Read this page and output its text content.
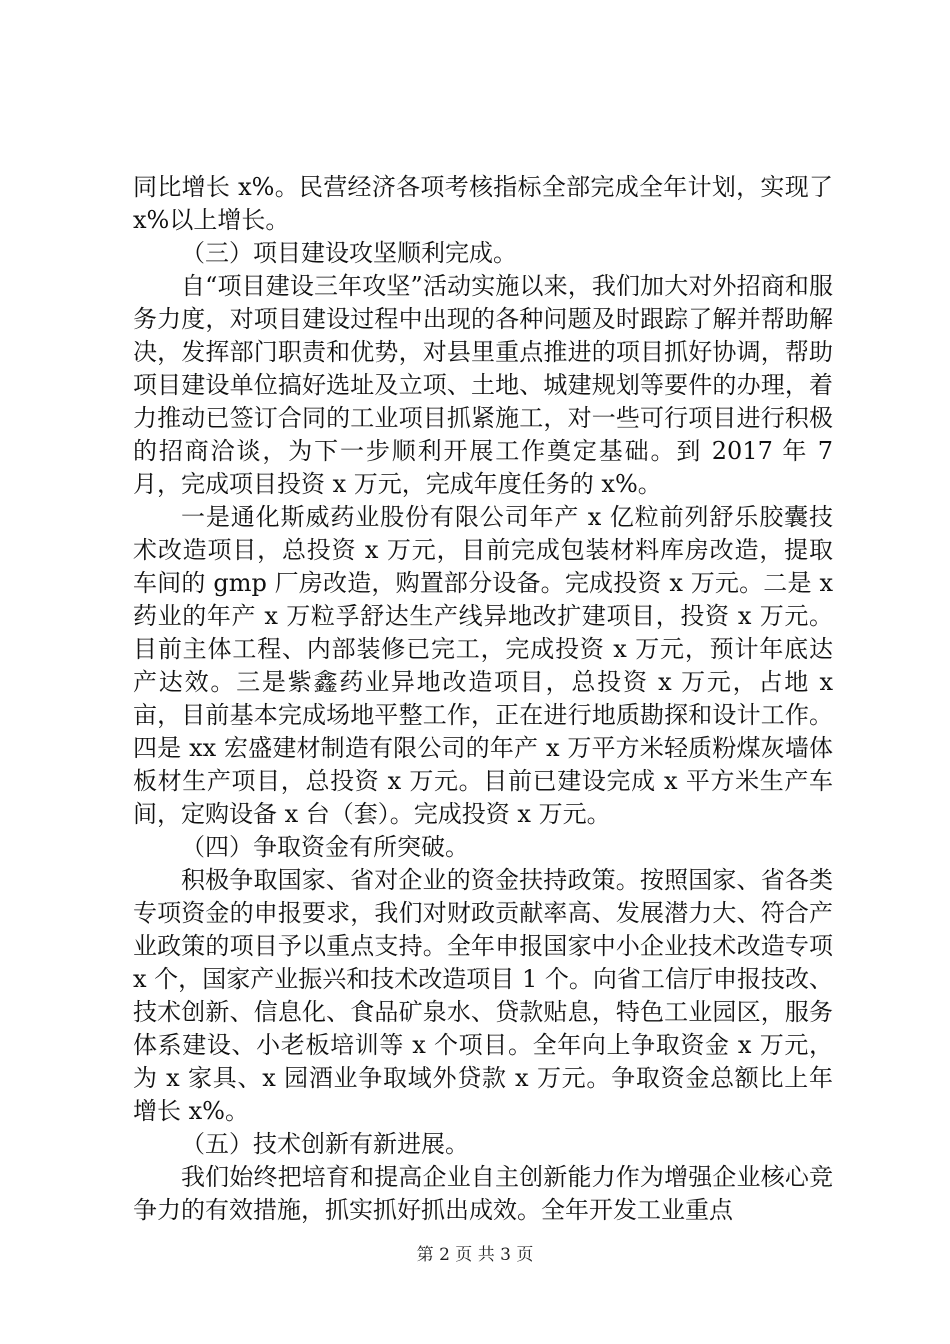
同比增长 x%。民营经济各项考核指标全部完成全年计划，实现了 x%以上增长。

（三）项目建设攻坚顺利完成。

自“项目建设三年攻坚”活动实施以来，我们加大对外招商和服务力度，对项目建设过程中出现的各种问题及时跟踪了解并帮助解决，发挥部门职责和优势，对县里重点推进的项目抓好协调，帮助项目建设单位搞好选址及立项、土地、城建规划等要件的办理，着力推动已签订合同的工业项目抓紧施工，对一些可行项目进行积极的招商洽谈，为下一步顺利开展工作奠定基础。到 2017 年 7 月，完成项目投资 x 万元，完成年度任务的 x%。

一是通化斯威药业股份有限公司年产 x 亿粒前列舒乐胶囊技术改造项目，总投资 x 万元，目前完成包装材料库房改造，提取车间的 gmp 厂房改造，购置部分设备。完成投资 x 万元。二是 x 药业的年产 x 万粒孚舒达生产线异地改扩建项目，投资 x 万元。目前主体工程、内部装修已完工，完成投资 x 万元，预计年底达产达效。三是紫鑫药业异地改造项目，总投资 x 万元，占地 x 亩，目前基本完成场地平整工作，正在进行地质勘探和设计工作。四是 xx 宏盛建材制造有限公司的年产 x 万平方米轻质粉煤灰墙体板材生产项目，总投资 x 万元。目前已建设完成 x 平方米生产车间，定购设备 x 台（套）。完成投资 x 万元。

（四）争取资金有所突破。

积极争取国家、省对企业的资金扶持政策。按照国家、省各类专项资金的申报要求，我们对财政贡献率高、发展潜力大、符合产业政策的项目予以重点支持。全年申报国家中小企业技术改造专项 x 个，国家产业振兴和技术改造项目 1 个。向省工信厅申报技改、技术创新、信息化、食品矿泉水、贷款贴息，特色工业园区，服务体系建设、小老板培训等 x 个项目。全年向上争取资金 x 万元，为 x 家具、x 园酒业争取域外贷款 x 万元。争取资金总额比上年增长 x%。

（五）技术创新有新进展。

我们始终把培育和提高企业自主创新能力作为增强企业核心竞争力的有效措施，抓实抓好抓出成效。全年开发工业重点

第 2 页 共 3 页
